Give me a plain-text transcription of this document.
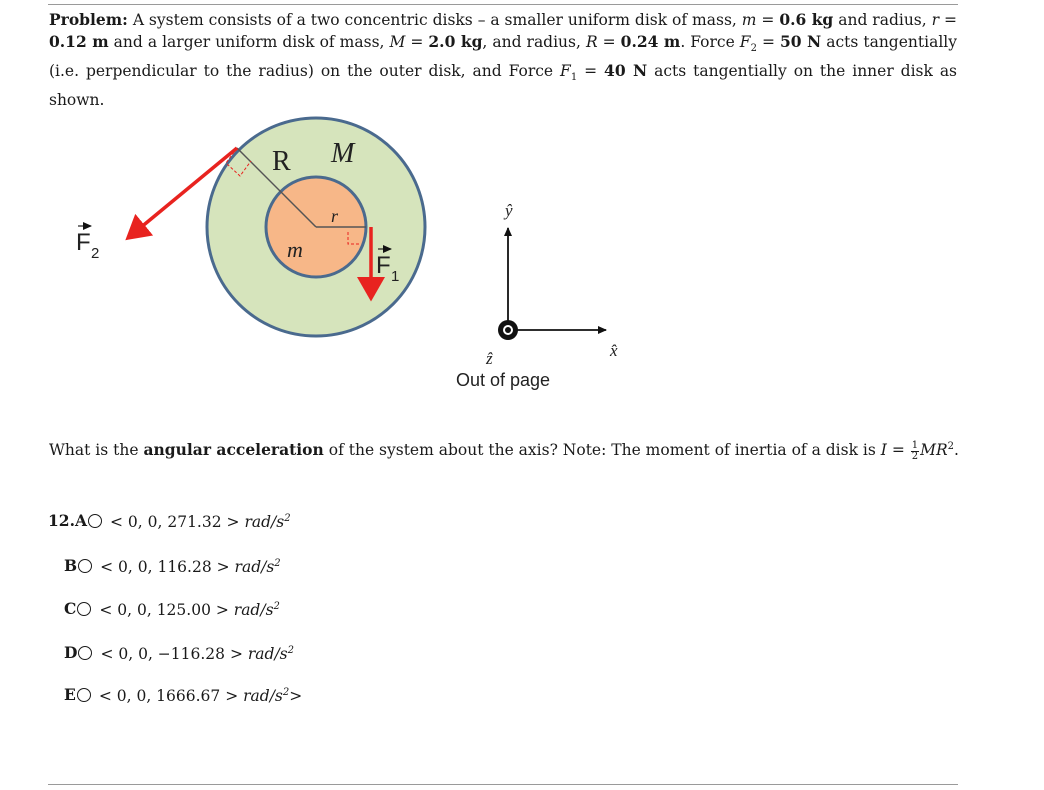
Problem: A system consists of a two concentric disks – a smaller uniform disk of mass, m = 0.6 kg and radius, r = 0.12 m and a larger uniform disk of mass, M = 2.0 kg, and radius, R = 0.24 m. Force $F_2 = 50$ N acts tangentially (i.e. perpendicular to the radius) on the outer disk, and Force $F_1 = 40$ N acts tangentially on the inner disk as shown.

R M
r
m
F 2	F 1
ŷ
x̂
ẑ
Out of page

What is the angular acceleration of the system about the axis? Note: The moment of inertia of a disk is $I = \frac{1}{2} MR^2$.

12. A < 0, 0, 271.32 > rad/$s^2$
B < 0, 0, 116.28 > rad/$s^2$
C < 0, 0, 125.00 > rad/$s^2$
D < 0, 0, −116.28 > rad/$s^2$
E < 0, 0, 1666.67 > rad/$s^2>$
